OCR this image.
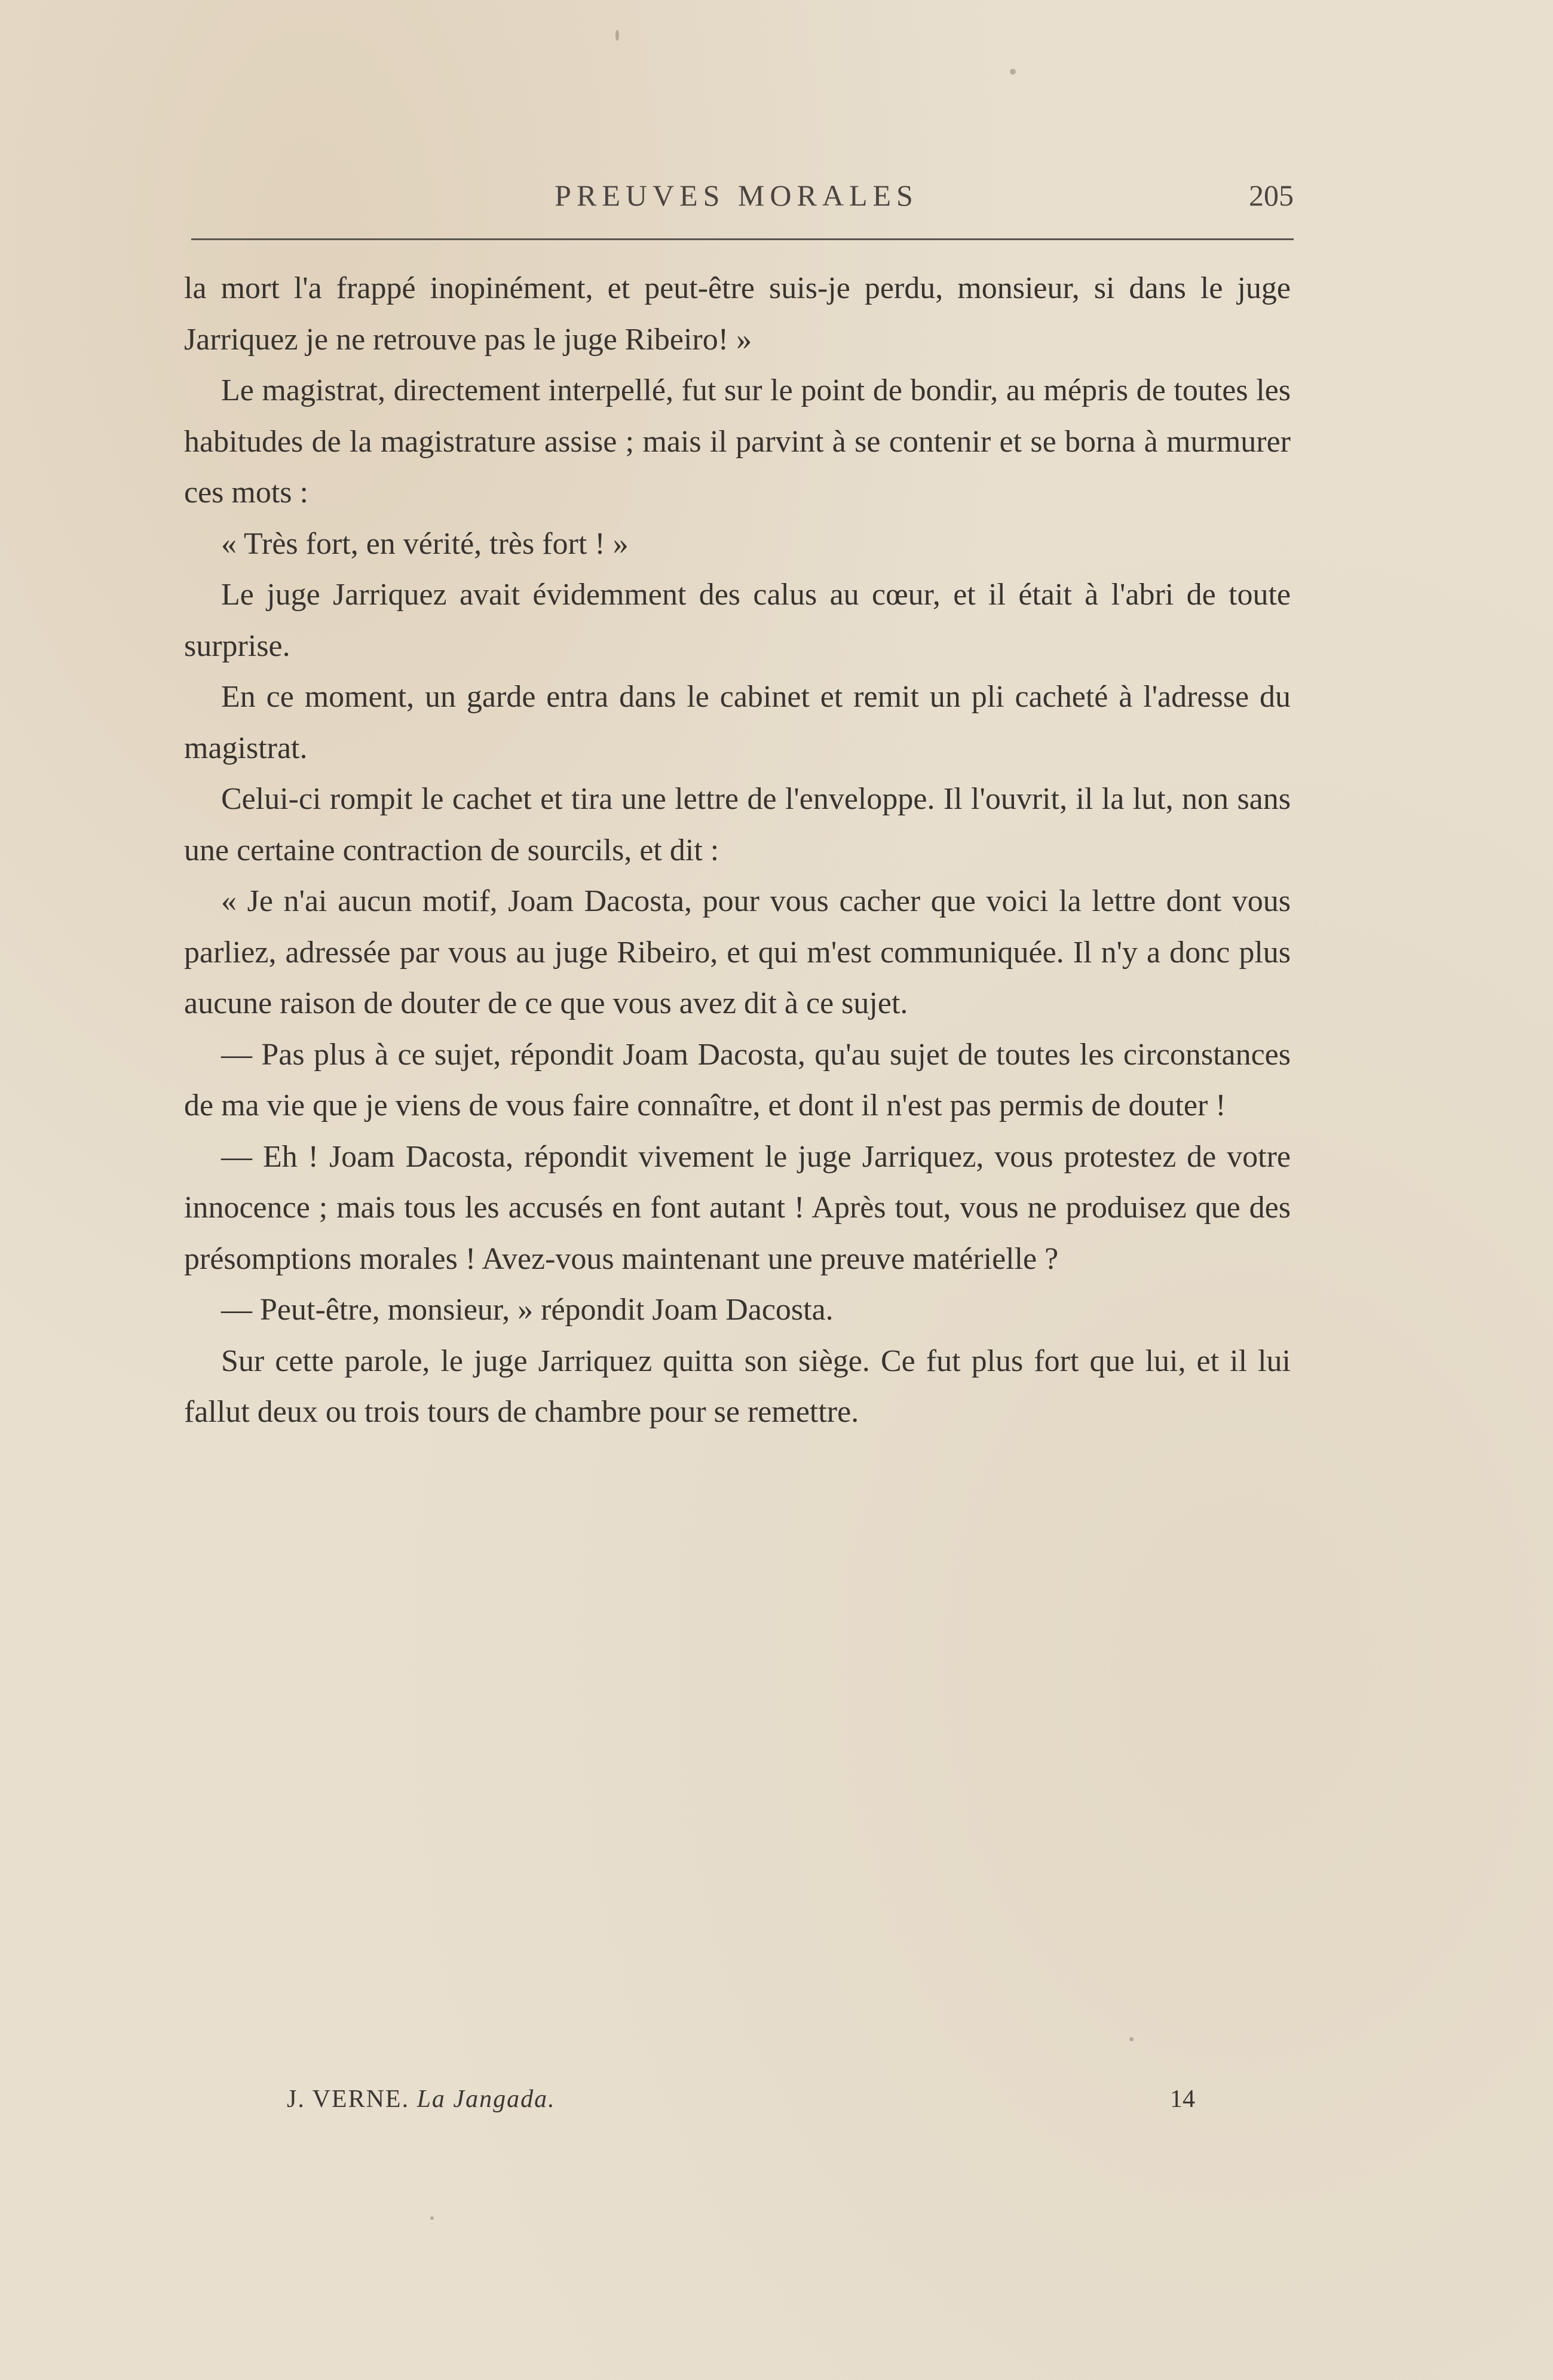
PREUVES MORALES	205

la mort l'a frappé inopinément, et peut-être suis-je perdu, monsieur, si dans le juge Jarriquez je ne retrouve pas le juge Ribeiro! »

Le magistrat, directement interpellé, fut sur le point de bondir, au mépris de toutes les habitudes de la magistrature assise ; mais il parvint à se contenir et se borna à murmurer ces mots :

« Très fort, en vérité, très fort ! »

Le juge Jarriquez avait évidemment des calus au cœur, et il était à l'abri de toute surprise.

En ce moment, un garde entra dans le cabinet et remit un pli cacheté à l'adresse du magistrat.

Celui-ci rompit le cachet et tira une lettre de l'enveloppe. Il l'ouvrit, il la lut, non sans une certaine contraction de sourcils, et dit :

« Je n'ai aucun motif, Joam Dacosta, pour vous cacher que voici la lettre dont vous parliez, adressée par vous au juge Ribeiro, et qui m'est communiquée. Il n'y a donc plus aucune raison de douter de ce que vous avez dit à ce sujet.

— Pas plus à ce sujet, répondit Joam Dacosta, qu'au sujet de toutes les circonstances de ma vie que je viens de vous faire connaître, et dont il n'est pas permis de douter !

— Eh ! Joam Dacosta, répondit vivement le juge Jarriquez, vous protestez de votre innocence ; mais tous les accusés en font autant ! Après tout, vous ne produisez que des présomptions morales ! Avez-vous maintenant une preuve matérielle ?

— Peut-être, monsieur, » répondit Joam Dacosta.

Sur cette parole, le juge Jarriquez quitta son siège. Ce fut plus fort que lui, et il lui fallut deux ou trois tours de chambre pour se remettre.

J. VERNE. La Jangada.	14
